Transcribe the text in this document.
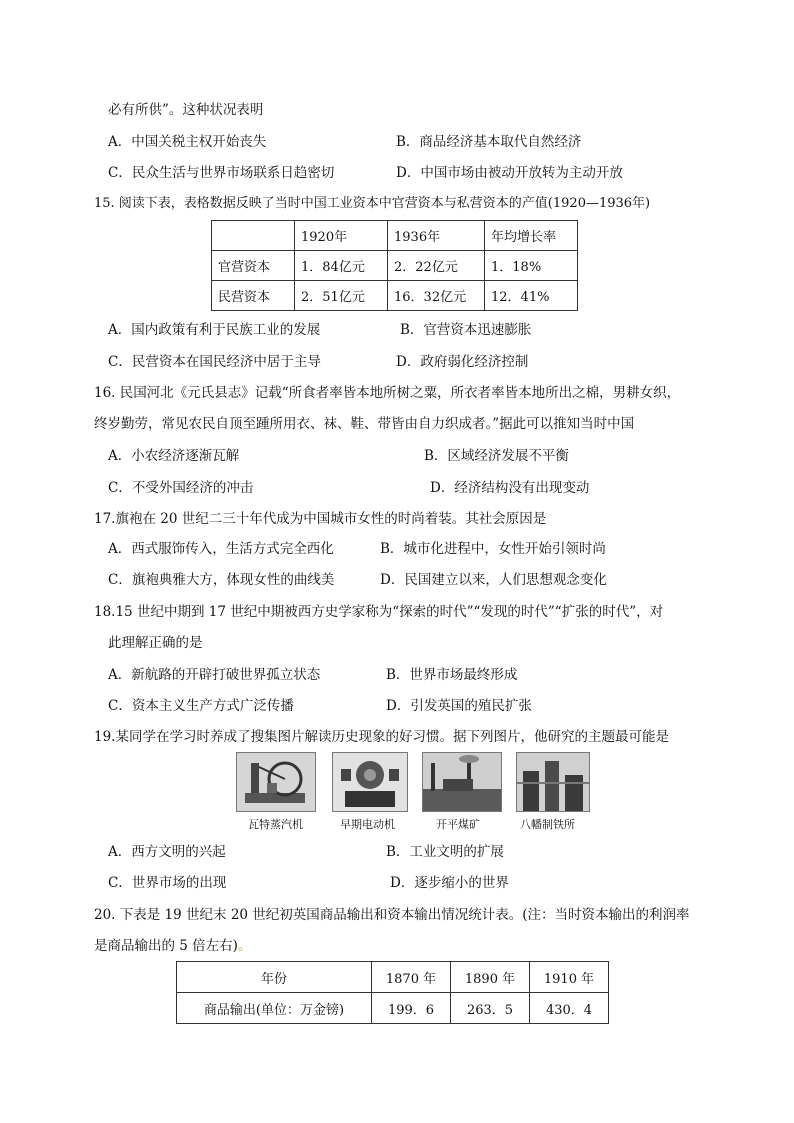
必有所供”。这种状况表明
A．中国关税主权开始丧失	B．商品经济基本取代自然经济
C．民众生活与世界市场联系日趋密切	D．中国市场由被动开放转为主动开放
15. 阅读下表，表格数据反映了当时中国工业资本中官营资本与私营资本的产值(1920—1936年)
	1920年	1936年	年均增长率
官营资本	1．84亿元	2．22亿元	1．18%
民营资本	2．51亿元	16．32亿元	12．41%
A．国内政策有利于民族工业的发展	B．官营资本迅速膨胀
C．民营资本在国民经济中居于主导	D．政府弱化经济控制
16. 民国河北《元氏县志》记载“所食者率皆本地所树之粟，所衣者率皆本地所出之棉，男耕女织，
终岁勤劳，常见农民自顶至踵所用衣、袜、鞋、带皆由自力织成者。”据此可以推知当时中国
A．小农经济逐渐瓦解	B．区域经济发展不平衡
C．不受外国经济的冲击	D．经济结构没有出现变动
17.旗袍在 20 世纪二三十年代成为中国城市女性的时尚着装。其社会原因是
A．西式服饰传入，生活方式完全西化	B．城市化进程中，女性开始引领时尚
C．旗袍典雅大方，体现女性的曲线美	D．民国建立以来，人们思想观念变化
18.15 世纪中期到 17 世纪中期被西方史学家称为“探索的时代”“发现的时代”“扩张的时代”，对
此理解正确的是
A．新航路的开辟打破世界孤立状态	B．世界市场最终形成
C．资本主义生产方式广泛传播	D．引发英国的殖民扩张
19.某同学在学习时养成了搜集图片解读历史现象的好习惯。据下列图片，他研究的主题最可能是
瓦特蒸汽机	早期电动机	开平煤矿	八幡制铁所
A．西方文明的兴起	B．工业文明的扩展
C．世界市场的出现	D．逐步缩小的世界
20. 下表是 19 世纪末 20 世纪初英国商品输出和资本输出情况统计表。(注：当时资本输出的利润率
是商品输出的 5 倍左右)。
年份	1870 年	1890 年	1910 年
商品输出(单位：万金镑)	199．6	263．5	430．4
